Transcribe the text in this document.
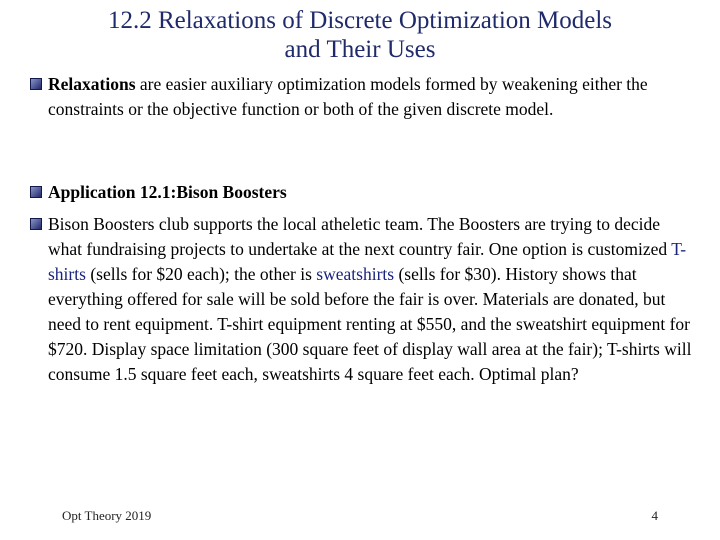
12.2 Relaxations of Discrete Optimization Models
and Their Uses
Relaxations are easier auxiliary optimization models formed by weakening either the constraints or the objective function or both of the given discrete model.
Application 12.1:Bison Boosters
Bison Boosters club supports the local atheletic team. The Boosters are trying to decide what fundraising projects to undertake at the next country fair. One option is customized T-shirts (sells for $20 each); the other is sweatshirts (sells for $30). History shows that everything offered for sale will be sold before the fair is over. Materials are donated, but need to rent equipment. T-shirt equipment renting at $550, and the sweatshirt equipment for $720. Display space limitation (300 square feet of display wall area at the fair); T-shirts will consume 1.5 square feet each, sweatshirts 4 square feet each. Optimal plan?
Opt Theory 2019	4
